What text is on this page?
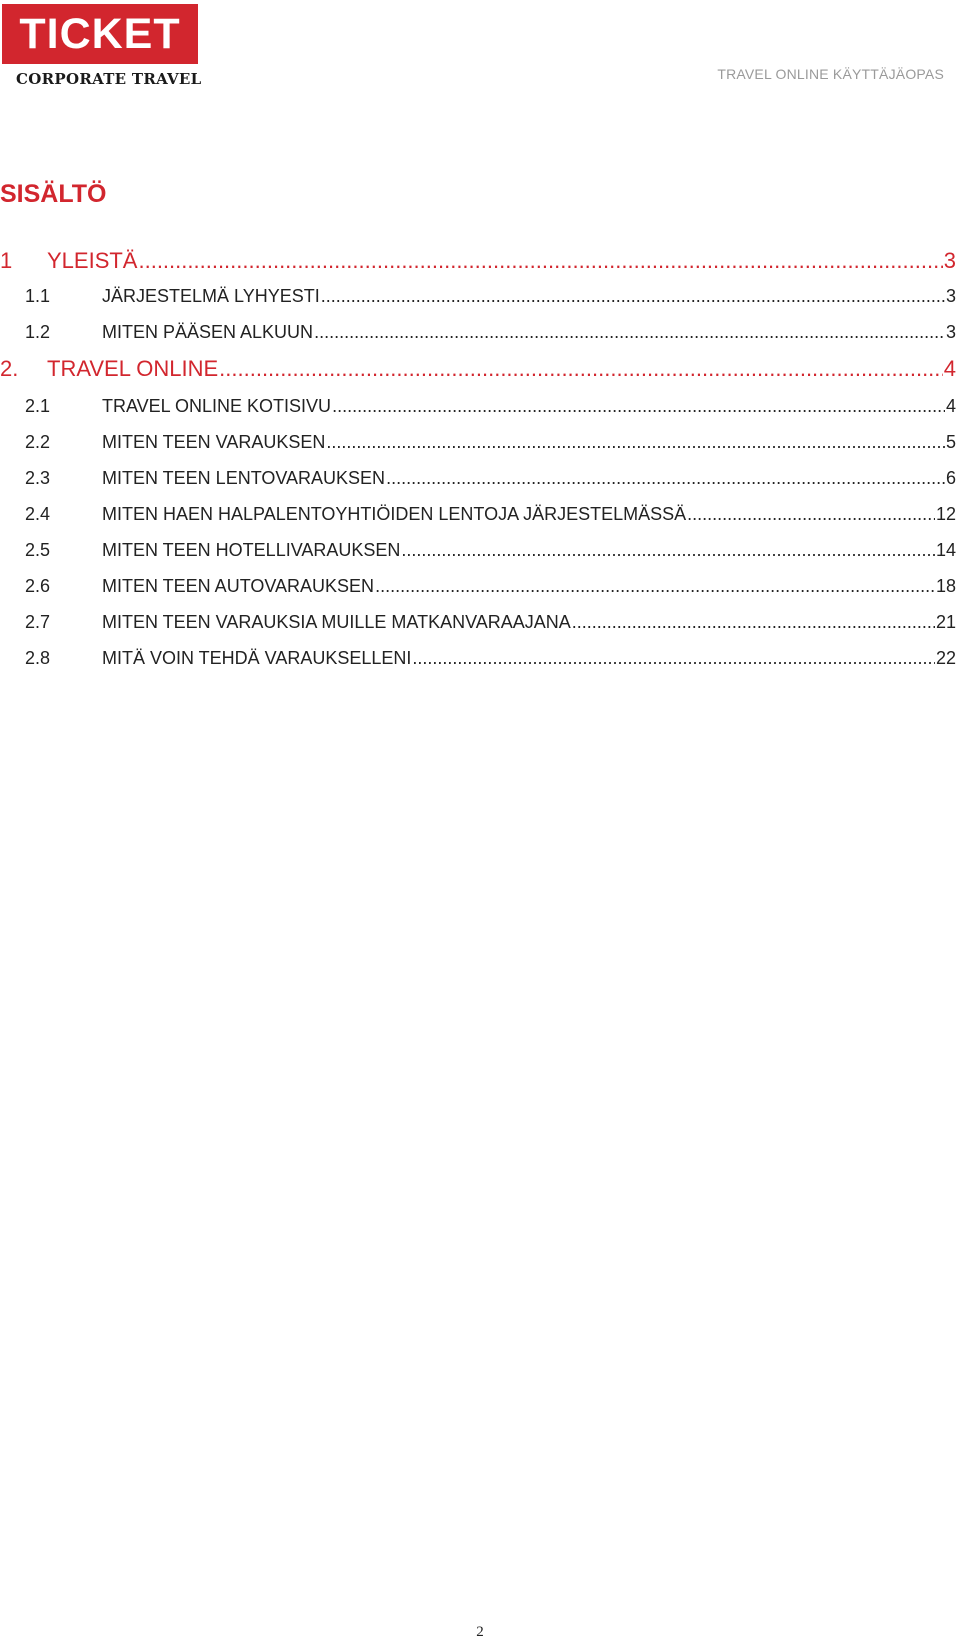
TICKET
CORPORATE TRAVEL	TRAVEL ONLINE KÄYTTÄJÄOPAS
SISÄLTÖ
1	YLEISTÄ .....	3
1.1	JÄRJESTELMÄ LYHYESTI .....	3
1.2	MITEN PÄÄSEN ALKUUN .....	3
2.	TRAVEL ONLINE .....	4
2.1	TRAVEL ONLINE KOTISIVU .....	4
2.2	MITEN TEEN VARAUKSEN .....	5
2.3	MITEN TEEN LENTOVARAUKSEN .....	6
2.4	MITEN HAEN HALPALENTOYHTIÖIDEN LENTOJA JÄRJESTELMÄSSÄ .....	12
2.5	MITEN TEEN HOTELLIVARAUKSEN .....	14
2.6	MITEN TEEN AUTOVARAUKSEN .....	18
2.7	MITEN TEEN VARAUKSIA MUILLE MATKANVARAAJANA .....	21
2.8	MITÄ VOIN TEHDÄ VARAUKSELLENI .....	22
2
